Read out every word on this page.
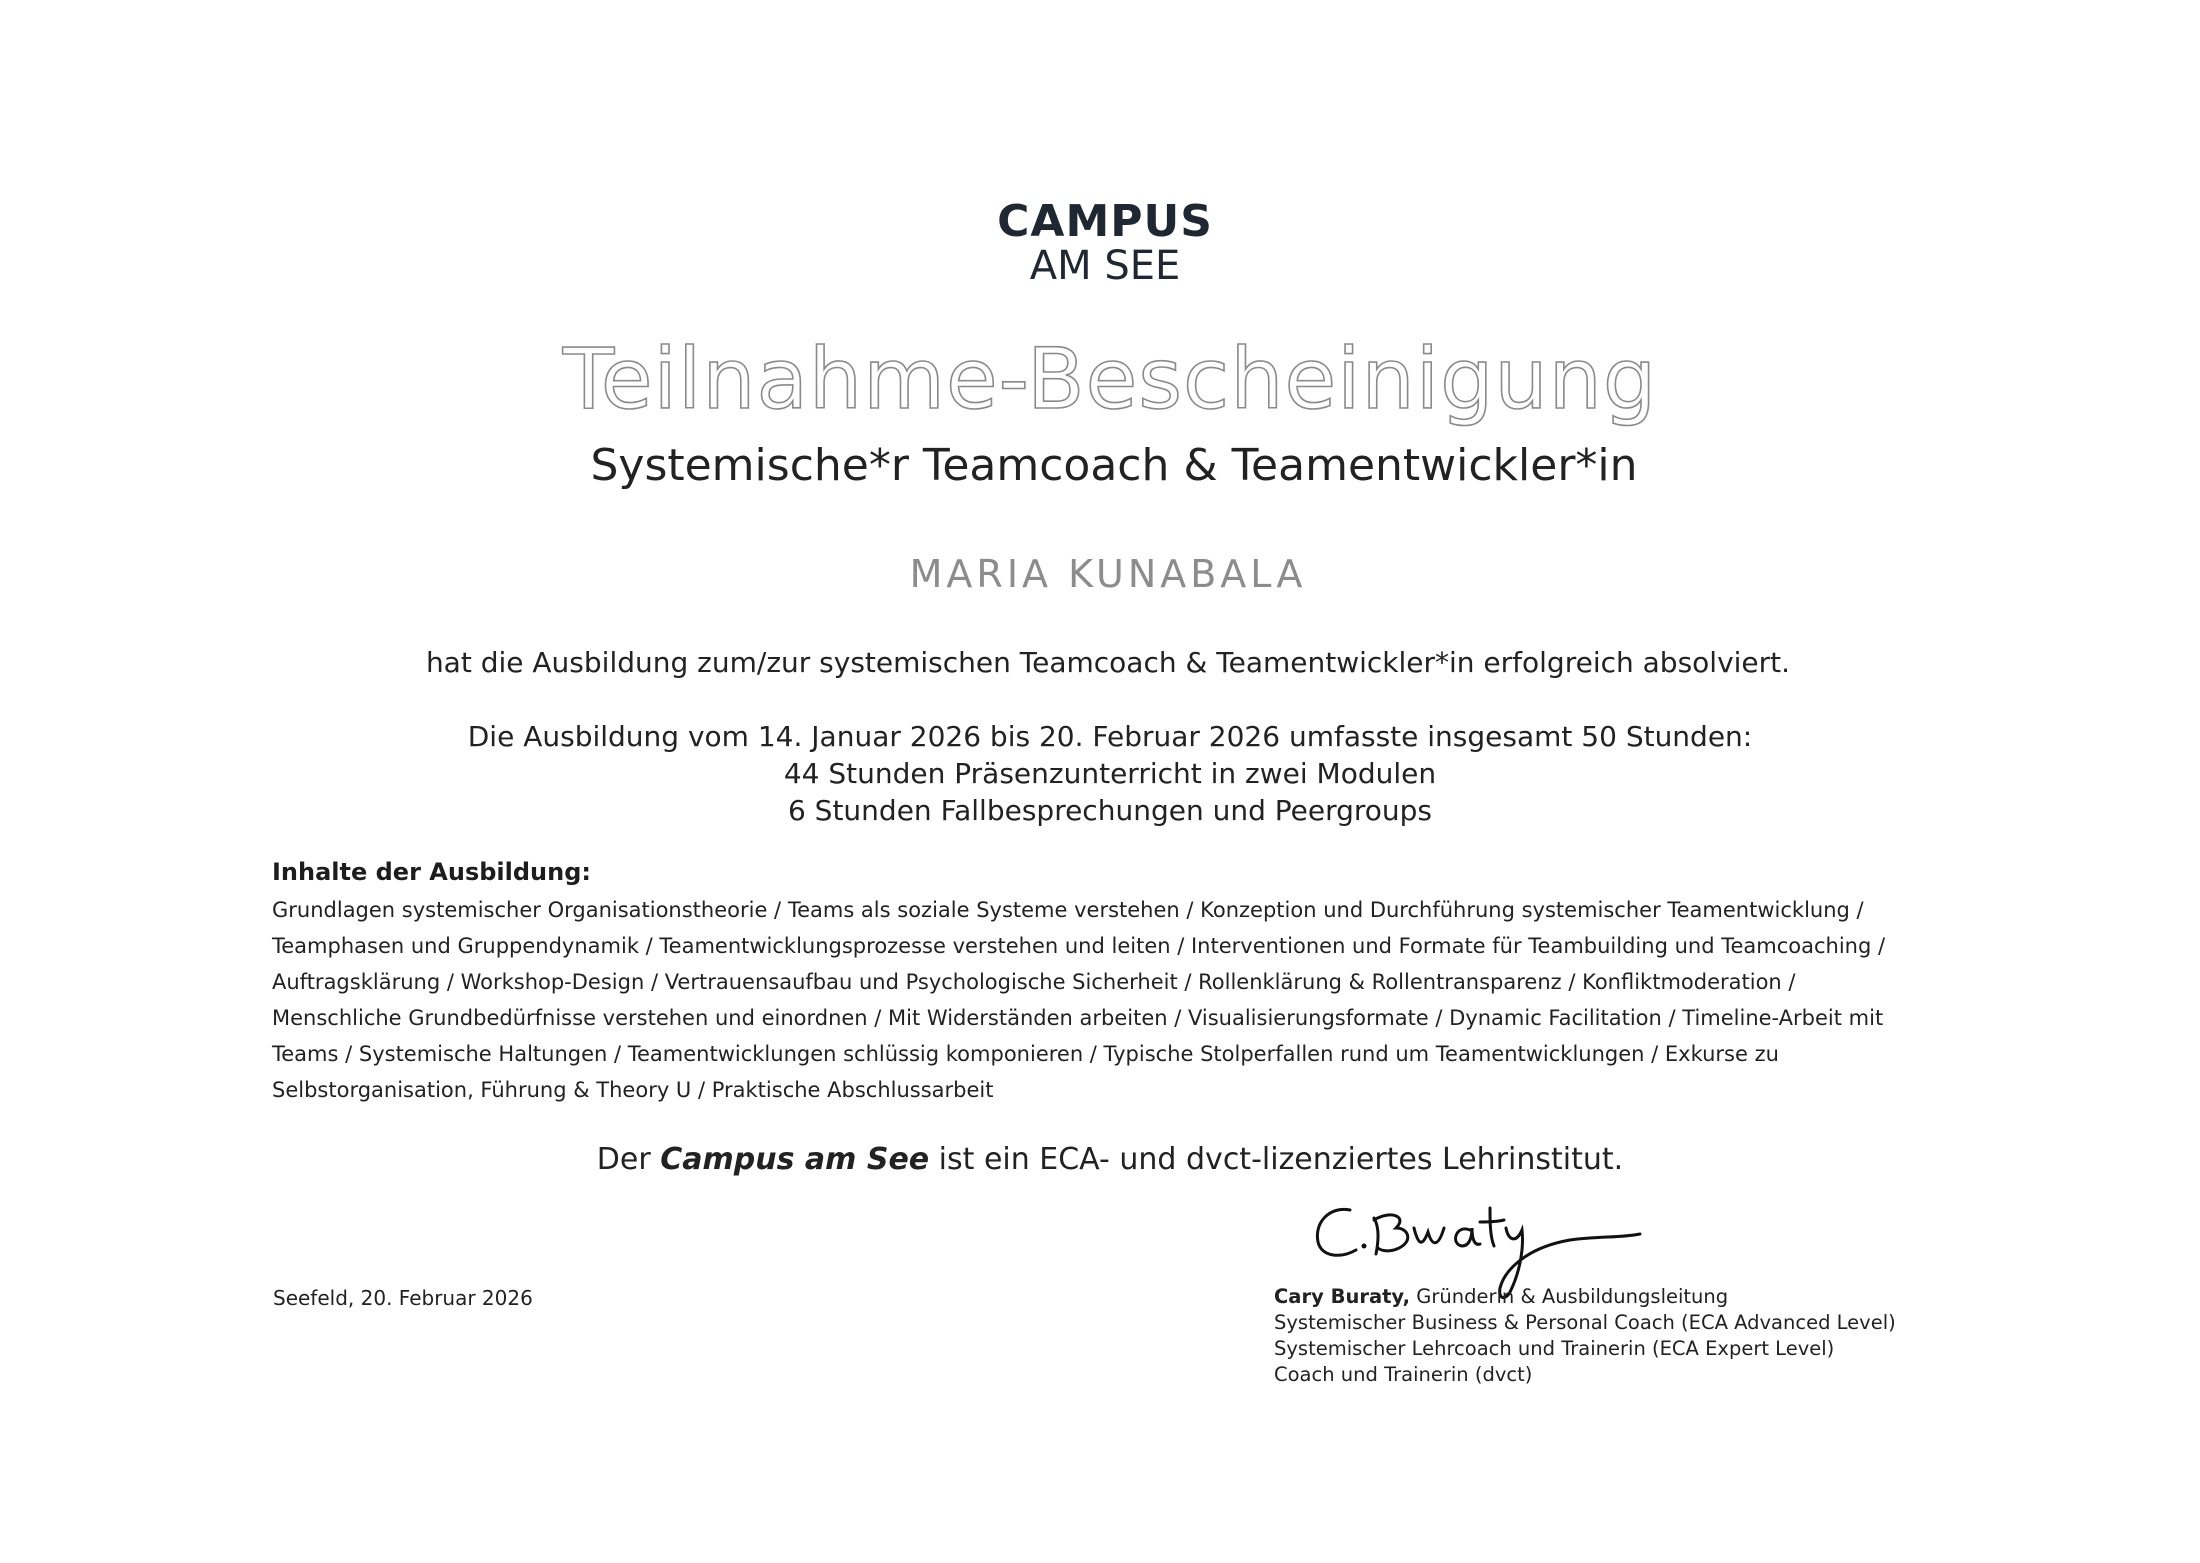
CAMPUS
AM SEE
Teilnahme-Bescheinigung
Systemische*r Teamcoach & Teamentwickler*in
MARIA KUNABALA
hat die Ausbildung zum/zur systemischen Teamcoach & Teamentwickler*in erfolgreich absolviert.
Die Ausbildung vom 14. Januar 2026 bis 20. Februar 2026 umfasste insgesamt 50 Stunden:
44 Stunden Präsenzunterricht in zwei Modulen
6 Stunden Fallbesprechungen und Peergroups
Inhalte der Ausbildung:
Grundlagen systemischer Organisationstheorie / Teams als soziale Systeme verstehen / Konzeption und Durchführung systemischer Teamentwicklung /
Teamphasen und Gruppendynamik / Teamentwicklungsprozesse verstehen und leiten / Interventionen und Formate für Teambuilding und Teamcoaching /
Auftragsklärung / Workshop-Design / Vertrauensaufbau und Psychologische Sicherheit / Rollenklärung & Rollentransparenz / Konfliktmoderation /
Menschliche Grundbedürfnisse verstehen und einordnen / Mit Widerständen arbeiten / Visualisierungsformate / Dynamic Facilitation / Timeline-Arbeit mit
Teams / Systemische Haltungen / Teamentwicklungen schlüssig komponieren / Typische Stolperfallen rund um Teamentwicklungen / Exkurse zu
Selbstorganisation, Führung & Theory U / Praktische Abschlussarbeit
Der Campus am See ist ein ECA- und dvct-lizenziertes Lehrinstitut.
Seefeld, 20. Februar 2026	Cary Buraty, Gründerin & Ausbildungsleitung
Systemischer Business & Personal Coach (ECA Advanced Level)
Systemischer Lehrcoach und Trainerin (ECA Expert Level)
Coach und Trainerin (dvct)
